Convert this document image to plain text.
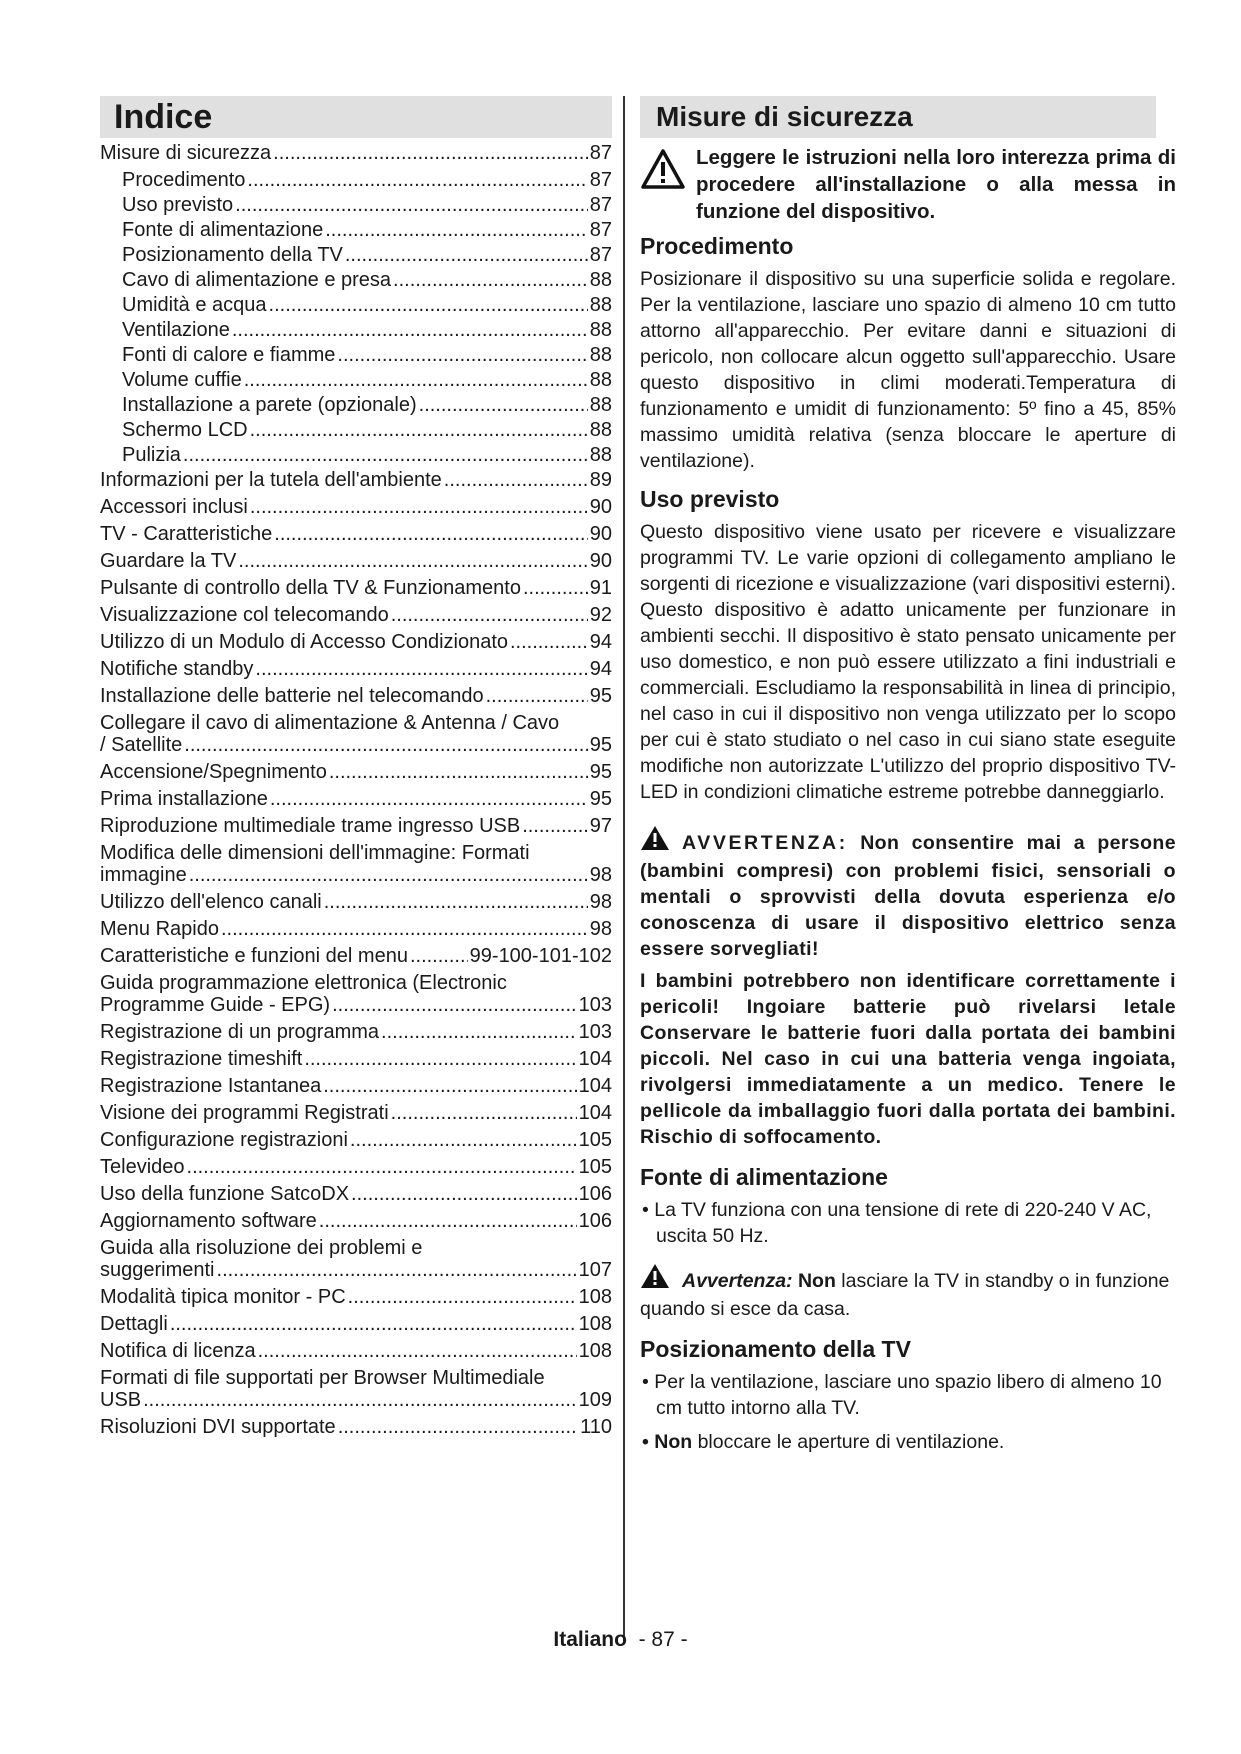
Indice
Misure di sicurezza .....	87
Procedimento .....	87
Uso previsto .....	87
Fonte di alimentazione .....	87
Posizionamento della TV .....	87
Cavo di alimentazione e presa .....	88
Umidità e acqua .....	88
Ventilazione .....	88
Fonti di calore e fiamme .....	88
Volume cuffie .....	88
Installazione a parete (opzionale) .....	88
Schermo LCD .....	88
Pulizia .....	88
Informazioni per la tutela dell'ambiente .....	89
Accessori inclusi .....	90
TV - Caratteristiche .....	90
Guardare la TV .....	90
Pulsante di controllo della TV & Funzionamento .....	91
Visualizzazione col telecomando .....	92
Utilizzo di un Modulo di Accesso Condizionato .....	94
Notifiche standby .....	94
Installazione delle batterie nel telecomando .....	95
Collegare il cavo di alimentazione & Antenna / Cavo
/ Satellite .....	95
Accensione/Spegnimento .....	95
Prima installazione .....	95
Riproduzione multimediale trame ingresso USB .....	97
Modifica delle dimensioni dell'immagine: Formati
immagine .....	98
Utilizzo dell'elenco canali .....	98
Menu Rapido .....	98
Caratteristiche e funzioni del menu .....	99-100-101-102
Guida programmazione elettronica (Electronic
Programme Guide - EPG) .....	103
Registrazione di un programma .....	103
Registrazione timeshift .....	104
Registrazione Istantanea .....	104
Visione dei programmi Registrati .....	104
Configurazione registrazioni .....	105
Televideo .....	105
Uso della funzione SatcoDX .....	106
Aggiornamento software .....	106
Guida alla risoluzione dei problemi e
suggerimenti .....	107
Modalità tipica monitor - PC .....	108
Dettagli .....	108
Notifica di licenza .....	108
Formati di file supportati per Browser Multimediale
USB .....	109
Risoluzioni DVI supportate .....	110
Misure di sicurezza
Leggere le istruzioni nella loro interezza prima di procedere all'installazione o alla messa in funzione del dispositivo.
Procedimento
Posizionare il dispositivo su una superficie solida e regolare. Per la ventilazione, lasciare uno spazio di almeno 10 cm tutto attorno all'apparecchio. Per evitare danni e situazioni di pericolo, non collocare alcun oggetto sull'apparecchio. Usare questo dispositivo in climi moderati.Temperatura di funzionamento e umidit di funzionamento: 5º fino a 45, 85% massimo umidità relativa (senza bloccare le aperture di ventilazione).
Uso previsto
Questo dispositivo viene usato per ricevere e visualizzare programmi TV. Le varie opzioni di collegamento ampliano le sorgenti di ricezione e visualizzazione (vari dispositivi esterni). Questo dispositivo è adatto unicamente per funzionare in ambienti secchi. Il dispositivo è stato pensato unicamente per uso domestico, e non può essere utilizzato a fini industriali e commerciali. Escludiamo la responsabilità in linea di principio, nel caso in cui il dispositivo non venga utilizzato per lo scopo per cui è stato studiato o nel caso in cui siano state eseguite modifiche non autorizzate L'utilizzo del proprio dispositivo TV-LED in condizioni climatiche estreme potrebbe danneggiarlo.
AVVERTENZA: Non consentire mai a persone (bambini compresi) con problemi fisici, sensoriali o mentali o sprovvisti della dovuta esperienza e/o conoscenza di usare il dispositivo elettrico senza essere sorvegliati!
I bambini potrebbero non identificare correttamente i pericoli! Ingoiare batterie può rivelarsi letale Conservare le batterie fuori dalla portata dei bambini piccoli. Nel caso in cui una batteria venga ingoiata, rivolgersi immediatamente a un medico. Tenere le pellicole da imballaggio fuori dalla portata dei bambini. Rischio di soffocamento.
Fonte di alimentazione
• La TV funziona con una tensione di rete di 220-240 V AC, uscita 50 Hz.
Avvertenza: Non lasciare la TV in standby o in funzione quando si esce da casa.
Posizionamento della TV
• Per la ventilazione, lasciare uno spazio libero di almeno 10 cm tutto intorno alla TV.
• Non bloccare le aperture di ventilazione.
Italiano - 87 -
